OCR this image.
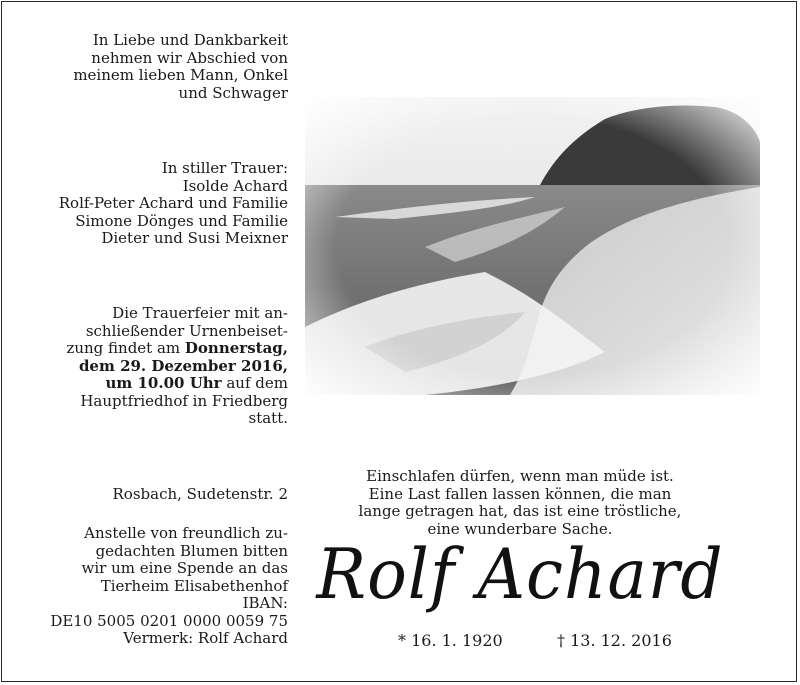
In Liebe und Dankbarkeit
nehmen wir Abschied von
meinem lieben Mann, Onkel
und Schwager
In stiller Trauer:
Isolde Achard
Rolf-Peter Achard und Familie
Simone Dönges und Familie
Dieter und Susi Meixner
Die Trauerfeier mit an-
schließender Urnenbeiset-
zung findet am Donnerstag,
dem 29. Dezember 2016,
um 10.00 Uhr auf dem
Hauptfriedhof in Friedberg
statt.
Rosbach, Sudetenstr. 2
Anstelle von freundlich zu-
gedachten Blumen bitten
wir um eine Spende an das
Tierheim Elisabethenhof
IBAN:
DE10 5005 0201 0000 0059 75
Vermerk: Rolf Achard
Einschlafen dürfen, wenn man müde ist.
Eine Last fallen lassen können, die man
lange getragen hat, das ist eine tröstliche,
eine wunderbare Sache.
Rolf Achard
* 16. 1. 1920	† 13. 12. 2016
